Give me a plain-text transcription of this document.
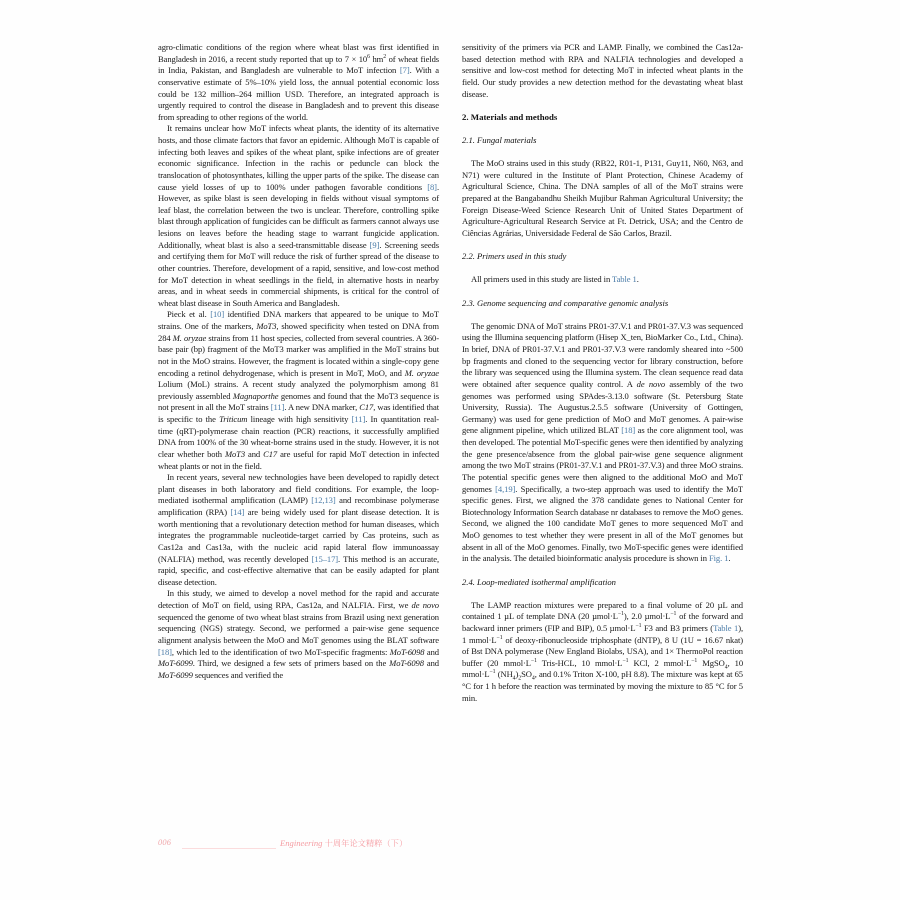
agro-climatic conditions of the region where wheat blast was first identified in Bangladesh in 2016, a recent study reported that up to $7 \times 10^6$ $hm^2$ of wheat fields in India, Pakistan, and Bangladesh are vulnerable to MoT infection [7]. With a conservative estimate of 5%–10% yield loss, the annual potential economic loss could be 132 million–264 million USD. Therefore, an integrated approach is urgently required to control the disease in Bangladesh and to prevent this disease from spreading to other regions of the world.

It remains unclear how MoT infects wheat plants, the identity of its alternative hosts, and those climate factors that favor an epidemic. Although MoT is capable of infecting both leaves and spikes of the wheat plant, spike infections are of greater economic significance. Infection in the rachis or peduncle can block the translocation of photosynthates, killing the upper parts of the spike. The disease can cause yield losses of up to 100% under pathogen favorable conditions [8]. However, as spike blast is seen developing in fields without visual symptoms of leaf blast, the correlation between the two is unclear. Therefore, controlling spike blast through application of fungicides can be difficult as farmers cannot always use lesions on leaves before the heading stage to warrant fungicide application. Additionally, wheat blast is also a seed-transmittable disease [9]. Screening seeds and certifying them for MoT will reduce the risk of further spread of the disease to other countries. Therefore, development of a rapid, sensitive, and low-cost method for MoT detection in wheat seedlings in the field, in alternative hosts in nearby areas, and in wheat seeds in commercial shipments, is critical for the control of wheat blast disease in South America and Bangladesh.

Pieck et al. [10] identified DNA markers that appeared to be unique to MoT strains. One of the markers, MoT3, showed specificity when tested on DNA from 284 M. oryzae strains from 11 host species, collected from several countries. A 360- base pair (bp) fragment of the MoT3 marker was amplified in the MoT strains but not in the MoO strains. However, the fragment is located within a single-copy gene encoding a retinol dehydrogenase, which is present in MoT, MoO, and M. oryzae Lolium (MoL) strains. A recent study analyzed the polymorphism among 81 previously assembled Magnaporthe genomes and found that the MoT3 sequence is not present in all the MoT strains [11]. A new DNA marker, C17, was identified that is specific to the Triticum lineage with high sensitivity [11]. In quantitation real-time (qRT)-polymerase chain reaction (PCR) reactions, it successfully amplified DNA from 100% of the 30 wheat-borne strains used in the study. However, it is not clear whether both MoT3 and C17 are useful for rapid MoT detection in infected wheat plants or not in the field.

In recent years, several new technologies have been developed to rapidly detect plant diseases in both laboratory and field conditions. For example, the loop-mediated isothermal amplification (LAMP) [12,13] and recombinase polymerase amplification (RPA) [14] are being widely used for plant disease detection. It is worth mentioning that a revolutionary detection method for human diseases, which integrates the programmable nucleotide-target carried by Cas proteins, such as Cas12a and Cas13a, with the nucleic acid rapid lateral flow immunoassay (NALFIA) method, was recently developed [15–17]. This method is an accurate, rapid, specific, and cost-effective alternative that can be easily adapted for plant disease detection.

In this study, we aimed to develop a novel method for the rapid and accurate detection of MoT on field, using RPA, Cas12a, and NALFIA. First, we de novo sequenced the genome of two wheat blast strains from Brazil using next generation sequencing (NGS) strategy. Second, we performed a pair-wise gene sequence alignment analysis between the MoO and MoT genomes using the BLAT software [18], which led to the identification of two MoT-specific fragments: MoT-6098 and MoT-6099. Third, we designed a few sets of primers based on the MoT-6098 and MoT-6099 sequences and verified the

sensitivity of the primers via PCR and LAMP. Finally, we combined the Cas12a-based detection method with RPA and NALFIA technologies and developed a sensitive and low-cost method for detecting MoT in infected wheat plants in the field. Our study provides a new detection method for the devastating wheat blast disease.

2. Materials and methods
2.1. Fungal materials

The MoO strains used in this study (RB22, R01-1, P131, Guy11, N60, N63, and N71) were cultured in the Institute of Plant Protection, Chinese Academy of Agricultural Science, China. The DNA samples of all of the MoT strains were prepared at the Bangabandhu Sheikh Mujibur Rahman Agricultural University; the Foreign Disease-Weed Science Research Unit of United States Department of Agriculture-Agricultural Research Service at Ft. Detrick, USA; and the Centro de Ciências Agrárias, Universidade Federal de São Carlos, Brazil.

2.2. Primers used in this study

All primers used in this study are listed in Table 1.

2.3. Genome sequencing and comparative genomic analysis

The genomic DNA of MoT strains PR01-37.V.1 and PR01-37.V.3 was sequenced using the Illumina sequencing platform (Hisep X_ten, BioMarker Co., Ltd., China). In brief, DNA of PR01-37.V.1 and PR01-37.V.3 were randomly sheared into ~500 bp fragments and cloned to the sequencing vector for library construction, before the library was sequenced using the Illumina system. The clean sequence read data were obtained after sequence quality control. A de novo assembly of the two genomes was performed using SPAdes-3.13.0 software (St. Petersburg State University, Russia). The Augustus.2.5.5 software (University of Gottingen, Germany) was used for gene prediction of MoO and MoT genomes. A pair-wise gene alignment pipeline, which utilized BLAT [18] as the core alignment tool, was then developed. The potential MoT-specific genes were then identified by analyzing the gene presence/absence from the global pair-wise gene sequence alignment among the two MoT strains (PR01-37.V.1 and PR01-37.V.3) and three MoO strains. The potential specific genes were then aligned to the additional MoO and MoT genomes [4,19]. Specifically, a two-step approach was used to identify the MoT specific genes. First, we aligned the 378 candidate genes to National Center for Biotechnology Information Search database nr databases to remove the MoO genes. Second, we aligned the 100 candidate MoT genes to more sequenced MoT and MoO genomes to test whether they were present in all of the MoT genomes but absent in all of the MoO genomes. Finally, two MoT-specific genes were identified in the analysis. The detailed bioinformatic analysis procedure is shown in Fig. 1.

2.4. Loop-mediated isothermal amplification

The LAMP reaction mixtures were prepared to a final volume of 20 µL and contained 1 µL of template DNA (20 $\mu mol\cdot L^{-1}$), 2.0 $\mu mol\cdot L^{-1}$ of the forward and backward inner primers (FIP and BIP), 0.5 $\mu mol\cdot L^{-1}$ F3 and B3 primers (Table 1), 1 $mmol\cdot L^{-1}$ of deoxy-ribonucleoside triphosphate (dNTP), 8 U (1U = 16.67 nkat) of Bst DNA polymerase (New England Biolabs, USA), and 1× ThermoPol reaction buffer (20 $mmol\cdot L^{-1}$ Tris-HCL, 10 $mmol\cdot L^{-1}$ KCl, 2 $mmol\cdot L^{-1}$ MgSO$_4$, 10 $mmol\cdot L^{-1}$ $(NH_4)_2SO_4$, and 0.1% Triton X-100, pH 8.8). The mixture was kept at 65 °C for 1 h before the reaction was terminated by moving the mixture to 85 °C for 5 min.

006	Engineering 十周年论文精粹（下）
